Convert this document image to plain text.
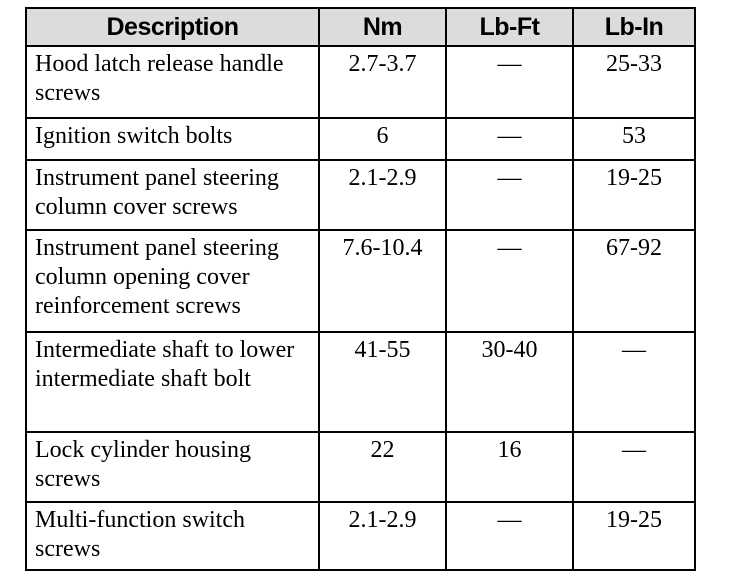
Description	Nm	Lb-Ft	Lb-In
Hood latch release handle screws	2.7-3.7	—	25-33
Ignition switch bolts	6	—	53
Instrument panel steering column cover screws	2.1-2.9	—	19-25
Instrument panel steering column opening cover reinforcement screws	7.6-10.4	—	67-92
Intermediate shaft to lower intermediate shaft bolt	41-55	30-40	—
Lock cylinder housing screws	22	16	—
Multi-function switch screws	2.1-2.9	—	19-25
